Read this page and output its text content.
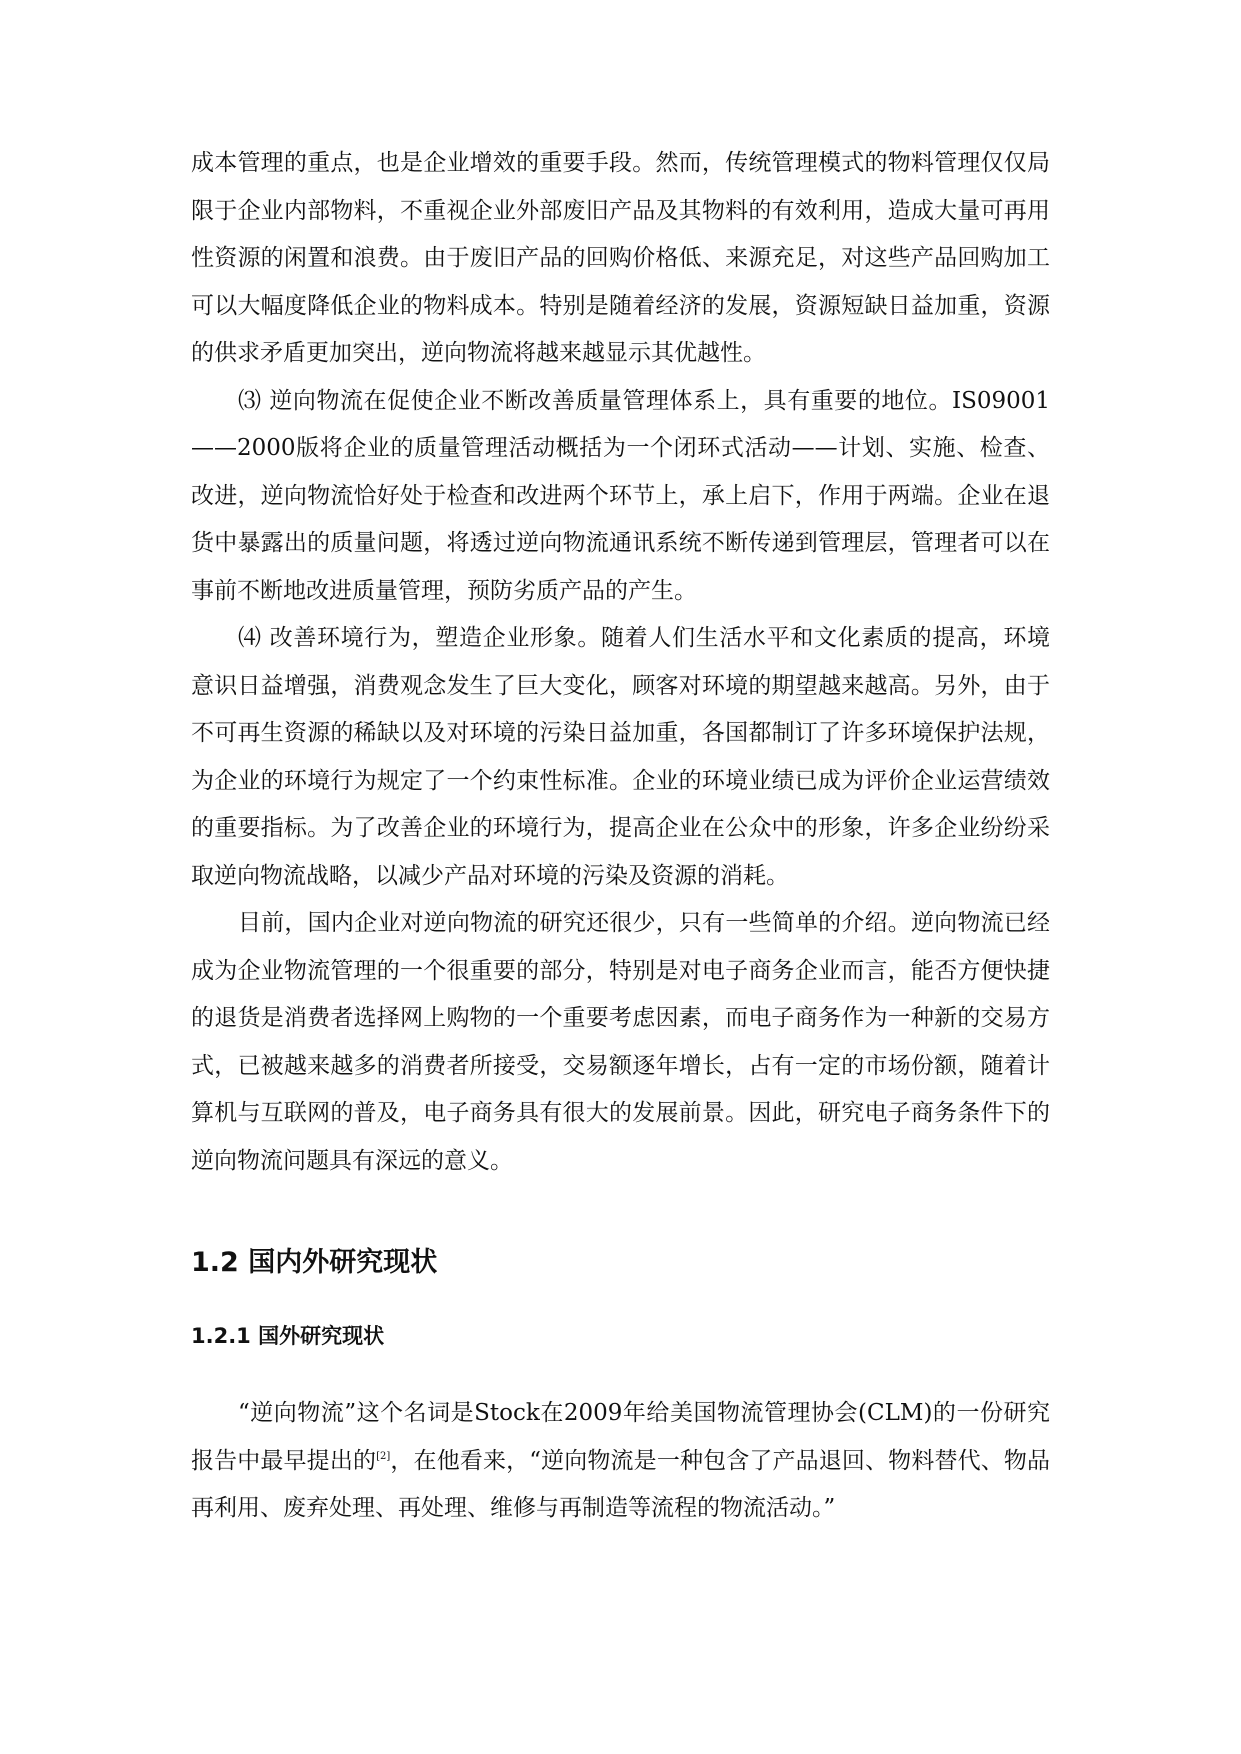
成本管理的重点，也是企业增效的重要手段。然而，传统管理模式的物料管理仅仅局限于企业内部物料，不重视企业外部废旧产品及其物料的有效利用，造成大量可再用性资源的闲置和浪费。由于废旧产品的回购价格低、来源充足，对这些产品回购加工可以大幅度降低企业的物料成本。特别是随着经济的发展，资源短缺日益加重，资源的供求矛盾更加突出，逆向物流将越来越显示其优越性。

⑶ 逆向物流在促使企业不断改善质量管理体系上，具有重要的地位。IS09001——2000版将企业的质量管理活动概括为一个闭环式活动——计划、实施、检查、改进，逆向物流恰好处于检查和改进两个环节上，承上启下，作用于两端。企业在退货中暴露出的质量问题，将透过逆向物流通讯系统不断传递到管理层，管理者可以在事前不断地改进质量管理，预防劣质产品的产生。

⑷ 改善环境行为，塑造企业形象。随着人们生活水平和文化素质的提高，环境意识日益增强，消费观念发生了巨大变化，顾客对环境的期望越来越高。另外，由于不可再生资源的稀缺以及对环境的污染日益加重，各国都制订了许多环境保护法规，为企业的环境行为规定了一个约束性标准。企业的环境业绩已成为评价企业运营绩效的重要指标。为了改善企业的环境行为，提高企业在公众中的形象，许多企业纷纷采取逆向物流战略，以减少产品对环境的污染及资源的消耗。

目前，国内企业对逆向物流的研究还很少，只有一些简单的介绍。逆向物流已经成为企业物流管理的一个很重要的部分，特别是对电子商务企业而言，能否方便快捷的退货是消费者选择网上购物的一个重要考虑因素，而电子商务作为一种新的交易方式，已被越来越多的消费者所接受，交易额逐年增长，占有一定的市场份额，随着计算机与互联网的普及，电子商务具有很大的发展前景。因此，研究电子商务条件下的逆向物流问题具有深远的意义。

1.2 国内外研究现状
1.2.1 国外研究现状

“逆向物流”这个名词是Stock在2009年给美国物流管理协会(CLM)的一份研究报告中最早提出的[2]，在他看来，“逆向物流是一种包含了产品退回、物料替代、物品再利用、废弃处理、再处理、维修与再制造等流程的物流活动。”
